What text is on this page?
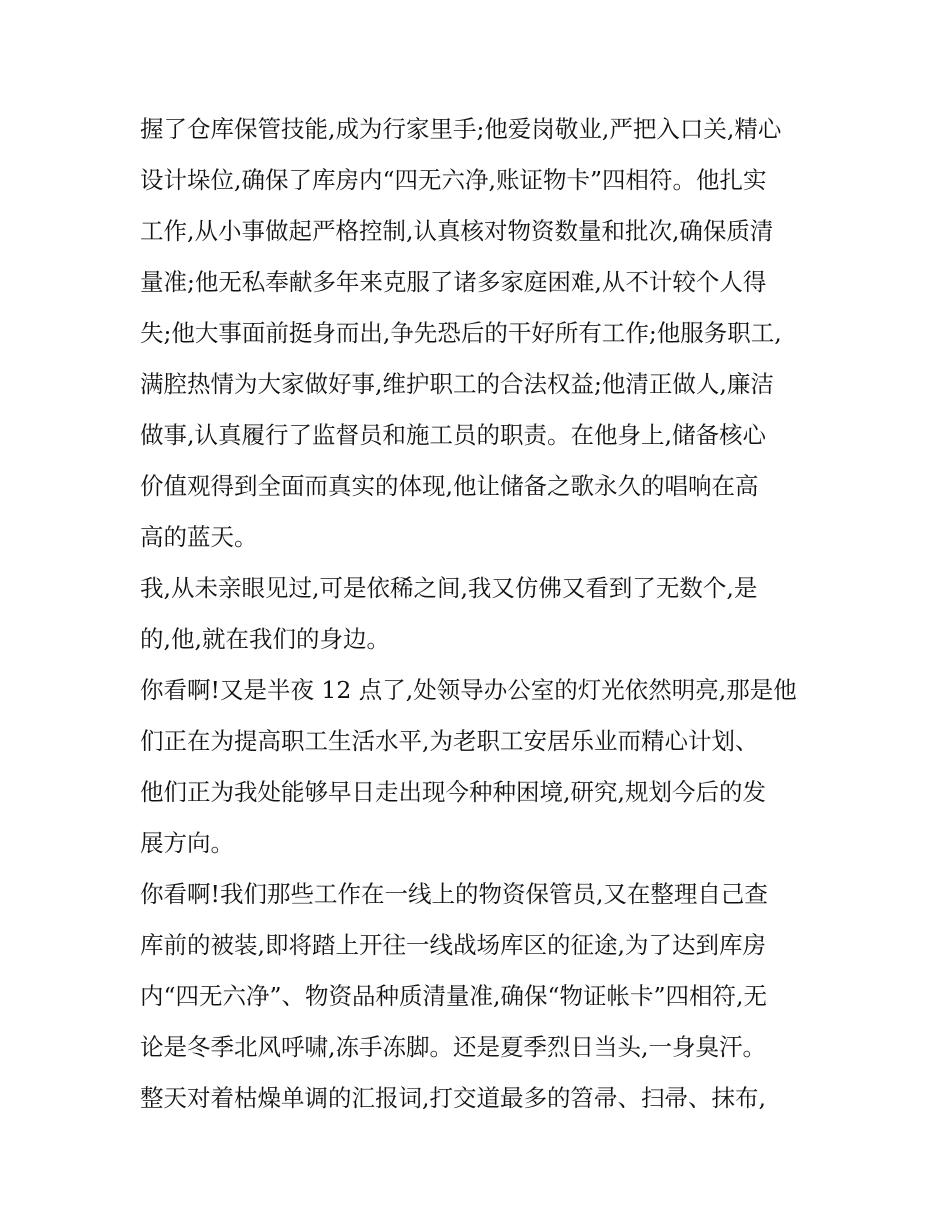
握了仓库保管技能,成为行家里手;他爱岗敬业,严把入口关,精心
设计垛位,确保了库房内“四无六净,账证物卡”四相符。他扎实
工作,从小事做起严格控制,认真核对物资数量和批次,确保质清
量准;他无私奉献多年来克服了诸多家庭困难,从不计较个人得
失;他大事面前挺身而出,争先恐后的干好所有工作;他服务职工,
满腔热情为大家做好事,维护职工的合法权益;他清正做人,廉洁
做事,认真履行了监督员和施工员的职责。在他身上,储备核心
价值观得到全面而真实的体现,他让储备之歌永久的唱响在高
高的蓝天。
我,从未亲眼见过,可是依稀之间,我又仿佛又看到了无数个,是
的,他,就在我们的身边。
你看啊!又是半夜 12 点了,处领导办公室的灯光依然明亮,那是他
们正在为提高职工生活水平,为老职工安居乐业而精心计划、
他们正为我处能够早日走出现今种种困境,研究,规划今后的发
展方向。
你看啊!我们那些工作在一线上的物资保管员,又在整理自己查
库前的被装,即将踏上开往一线战场库区的征途,为了达到库房
内“四无六净”、物资品种质清量准,确保“物证帐卡”四相符,无
论是冬季北风呼啸,冻手冻脚。还是夏季烈日当头,一身臭汗。
整天对着枯燥单调的汇报词,打交道最多的笤帚、扫帚、抹布,
